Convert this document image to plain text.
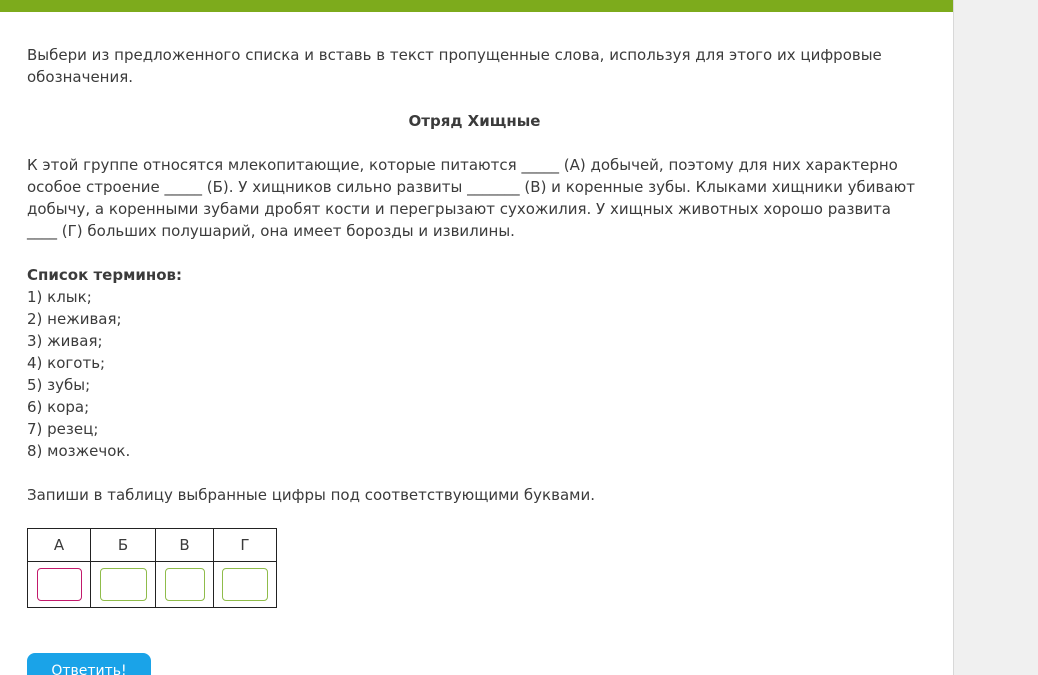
Выбери из предложенного списка и вставь в текст пропущенные слова, используя для этого их цифровые обозначения.

Отряд Хищные

К этой группе относятся млекопитающие, которые питаются _____ (А) добычей, поэтому для них характерно особое строение _____ (Б). У хищников сильно развиты _______ (В) и коренные зубы. Клыками хищники убивают добычу, а коренными зубами дробят кости и перегрызают сухожилия. У хищных животных хорошо развита ____ (Г) больших полушарий, она имеет борозды и извилины.

Список терминов:

1) клык;
2) неживая;
3) живая;
4) коготь;
5) зубы;
6) кора;
7) резец;
8) мозжечок.

Запиши в таблицу выбранные цифры под соответствующими буквами.

А	Б	В	Г

Ответить!
